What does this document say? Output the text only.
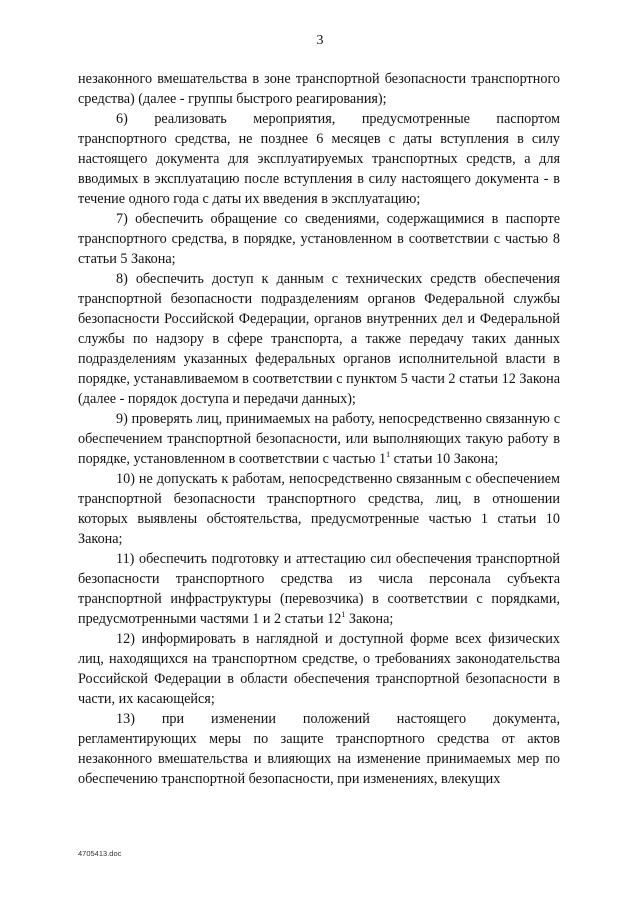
3

незаконного вмешательства в зоне транспортной безопасности транспортного средства) (далее - группы быстрого реагирования);

6) реализовать мероприятия, предусмотренные паспортом транспортного средства, не позднее 6 месяцев с даты вступления в силу настоящего документа для эксплуатируемых транспортных средств, а для вводимых в эксплуатацию после вступления в силу настоящего документа - в течение одного года с даты их введения в эксплуатацию;

7) обеспечить обращение со сведениями, содержащимися в паспорте транспортного средства, в порядке, установленном в соответствии с частью 8 статьи 5 Закона;

8) обеспечить доступ к данным с технических средств обеспечения транспортной безопасности подразделениям органов Федеральной службы безопасности Российской Федерации, органов внутренних дел и Федеральной службы по надзору в сфере транспорта, а также передачу таких данных подразделениям указанных федеральных органов исполнительной власти в порядке, устанавливаемом в соответствии с пунктом 5 части 2 статьи 12 Закона (далее - порядок доступа и передачи данных);

9) проверять лиц, принимаемых на работу, непосредственно связанную с обеспечением транспортной безопасности, или выполняющих такую работу в порядке, установленном в соответствии с частью $1^1$ статьи 10 Закона;

10) не допускать к работам, непосредственно связанным с обеспечением транспортной безопасности транспортного средства, лиц, в отношении которых выявлены обстоятельства, предусмотренные частью 1 статьи 10 Закона;

11) обеспечить подготовку и аттестацию сил обеспечения транспортной безопасности транспортного средства из числа персонала субъекта транспортной инфраструктуры (перевозчика) в соответствии с порядками, предусмотренными частями 1 и 2 статьи $12^1$ Закона;

12) информировать в наглядной и доступной форме всех физических лиц, находящихся на транспортном средстве, о требованиях законодательства Российской Федерации в области обеспечения транспортной безопасности в части, их касающейся;

13) при изменении положений настоящего документа, регламентирующих меры по защите транспортного средства от актов незаконного вмешательства и влияющих на изменение принимаемых мер по обеспечению транспортной безопасности, при изменениях, влекущих

4705413.doc
